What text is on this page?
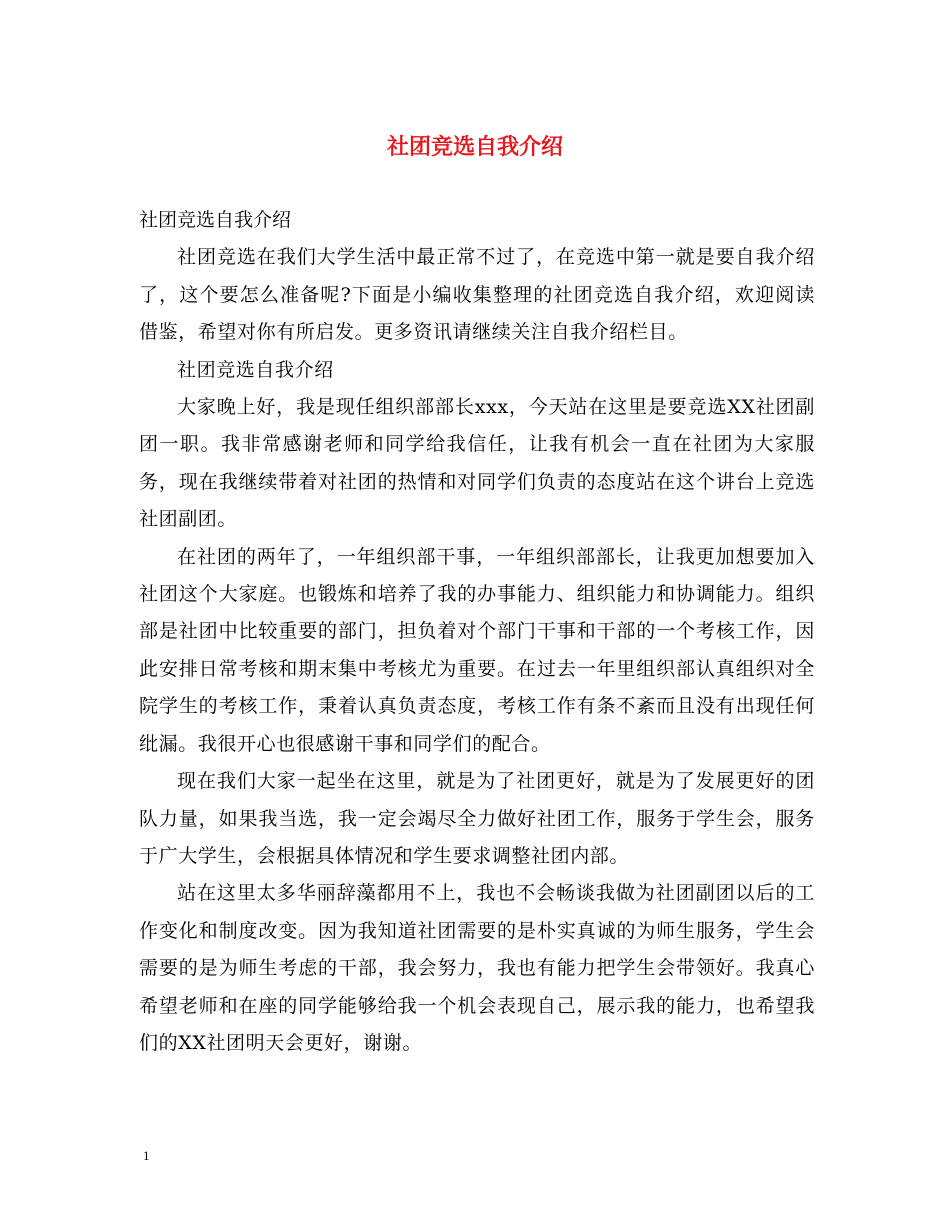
社团竞选自我介绍

社团竞选自我介绍

社团竞选在我们大学生活中最正常不过了，在竞选中第一就是要自我介绍了，这个要怎么准备呢?下面是小编收集整理的社团竞选自我介绍，欢迎阅读借鉴，希望对你有所启发。更多资讯请继续关注自我介绍栏目。

社团竞选自我介绍

大家晚上好，我是现任组织部部长xxx，今天站在这里是要竞选XX社团副团一职。我非常感谢老师和同学给我信任，让我有机会一直在社团为大家服务，现在我继续带着对社团的热情和对同学们负责的态度站在这个讲台上竞选社团副团。

在社团的两年了，一年组织部干事，一年组织部部长，让我更加想要加入社团这个大家庭。也锻炼和培养了我的办事能力、组织能力和协调能力。组织部是社团中比较重要的部门，担负着对个部门干事和干部的一个考核工作，因此安排日常考核和期末集中考核尤为重要。在过去一年里组织部认真组织对全院学生的考核工作，秉着认真负责态度，考核工作有条不紊而且没有出现任何纰漏。我很开心也很感谢干事和同学们的配合。

现在我们大家一起坐在这里，就是为了社团更好，就是为了发展更好的团队力量，如果我当选，我一定会竭尽全力做好社团工作，服务于学生会，服务于广大学生，会根据具体情况和学生要求调整社团内部。

站在这里太多华丽辞藻都用不上，我也不会畅谈我做为社团副团以后的工作变化和制度改变。因为我知道社团需要的是朴实真诚的为师生服务，学生会需要的是为师生考虑的干部，我会努力，我也有能力把学生会带领好。我真心希望老师和在座的同学能够给我一个机会表现自己，展示我的能力，也希望我们的XX社团明天会更好，谢谢。

1
